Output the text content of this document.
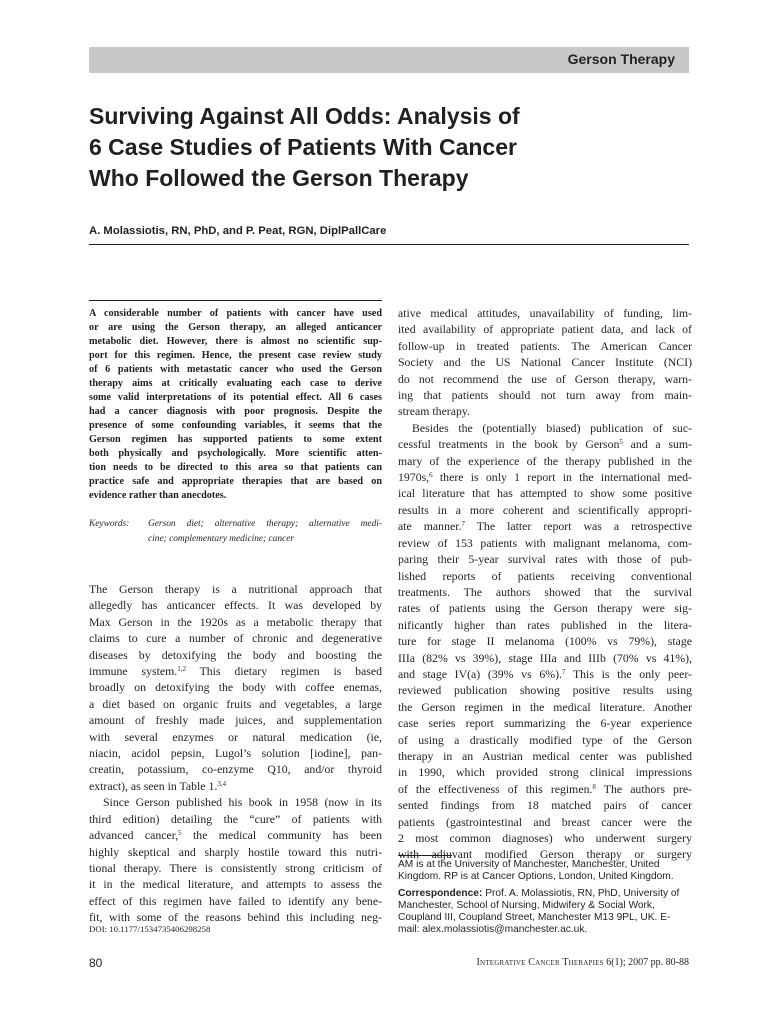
Gerson Therapy
Surviving Against All Odds: Analysis of
6 Case Studies of Patients With Cancer
Who Followed the Gerson Therapy
A. Molassiotis, RN, PhD, and P. Peat, RGN, DiplPallCare
A considerable number of patients with cancer have used
or are using the Gerson therapy, an alleged anticancer
metabolic diet. However, there is almost no scientific sup-
port for this regimen. Hence, the present case review study
of 6 patients with metastatic cancer who used the Gerson
therapy aims at critically evaluating each case to derive
some valid interpretations of its potential effect. All 6 cases
had a cancer diagnosis with poor prognosis. Despite the
presence of some confounding variables, it seems that the
Gerson regimen has supported patients to some extent
both physically and psychologically. More scientific atten-
tion needs to be directed to this area so that patients can
practice safe and appropriate therapies that are based on
evidence rather than anecdotes.
Keywords: Gerson diet; alternative therapy; alternative medi-
cine; complementary medicine; cancer
The Gerson therapy is a nutritional approach that
allegedly has anticancer effects. It was developed by
Max Gerson in the 1920s as a metabolic therapy that
claims to cure a number of chronic and degenerative
diseases by detoxifying the body and boosting the
immune system.$^{1,2}$ This dietary regimen is based
broadly on detoxifying the body with coffee enemas,
a diet based on organic fruits and vegetables, a large
amount of freshly made juices, and supplementation
with several enzymes or natural medication (ie,
niacin, acidol pepsin, Lugol’s solution [iodine], pan-
creatin, potassium, co-enzyme Q10, and/or thyroid
extract), as seen in Table 1.$^{3,4}$
Since Gerson published his book in 1958 (now in its
third edition) detailing the “cure” of patients with
advanced cancer,$^5$ the medical community has been
highly skeptical and sharply hostile toward this nutri-
tional therapy. There is consistently strong criticism of
it in the medical literature, and attempts to assess the
effect of this regimen have failed to identify any bene-
fit, with some of the reasons behind this including neg-
ative medical attitudes, unavailability of funding, lim-
ited availability of appropriate patient data, and lack of
follow-up in treated patients. The American Cancer
Society and the US National Cancer Institute (NCI)
do not recommend the use of Gerson therapy, warn-
ing that patients should not turn away from main-
stream therapy.
Besides the (potentially biased) publication of suc-
cessful treatments in the book by Gerson$^5$ and a sum-
mary of the experience of the therapy published in the
1970s,$^6$ there is only 1 report in the international med-
ical literature that has attempted to show some positive
results in a more coherent and scientifically appropri-
ate manner.$^7$ The latter report was a retrospective
review of 153 patients with malignant melanoma, com-
paring their 5-year survival rates with those of pub-
lished reports of patients receiving conventional
treatments. The authors showed that the survival
rates of patients using the Gerson therapy were sig-
nificantly higher than rates published in the litera-
ture for stage II melanoma (100% vs 79%), stage
IIIa (82% vs 39%), stage IIIa and IIIb (70% vs 41%),
and stage IV(a) (39% vs 6%).$^7$ This is the only peer-
reviewed publication showing positive results using
the Gerson regimen in the medical literature. Another
case series report summarizing the 6-year experience
of using a drastically modified type of the Gerson
therapy in an Austrian medical center was published
in 1990, which provided strong clinical impressions
of the effectiveness of this regimen.$^8$ The authors pre-
sented findings from 18 matched pairs of cancer
patients (gastrointestinal and breast cancer were the
2 most common diagnoses) who underwent surgery
with adjuvant modified Gerson therapy or surgery
DOI: 10.1177/1534735406298258
AM is at the University of Manchester, Manchester, United Kingdom. RP is at Cancer Options, London, United Kingdom.
Correspondence: Prof. A. Molassiotis, RN, PhD, University of Manchester, School of Nursing, Midwifery & Social Work, Coupland III, Coupland Street, Manchester M13 9PL, UK. E-mail: alex.molassiotis@manchester.ac.uk.
80	Integrative Cancer Therapies 6(1); 2007 pp. 80-88
